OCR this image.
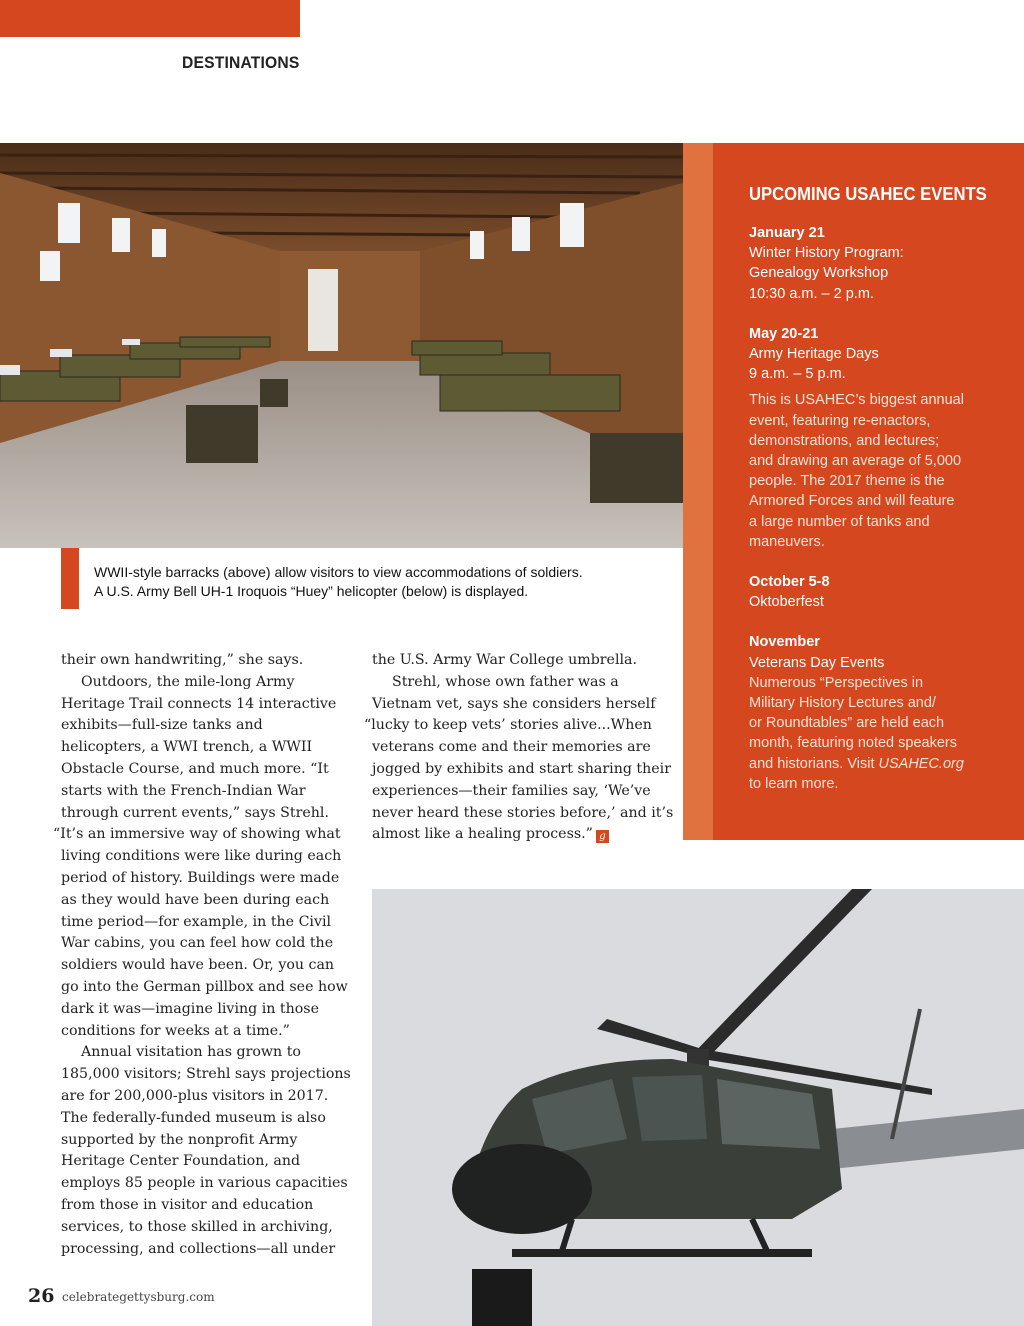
DESTINATIONS
UPCOMING USAHEC EVENTS
January 21
Winter History Program:
Genealogy Workshop
10:30 a.m. – 2 p.m.
May 20-21
Army Heritage Days
9 a.m. – 5 p.m.
This is USAHEC’s biggest annual
event, featuring re-enactors,
demonstrations, and lectures;
and drawing an average of 5,000
people. The 2017 theme is the
Armored Forces and will feature
a large number of tanks and
maneuvers.
October 5-8
Oktoberfest
November
Veterans Day Events
Numerous “Perspectives in
Military History Lectures and/
or Roundtables” are held each
month, featuring noted speakers
and historians. Visit USAHEC.org
to learn more.
WWII-style barracks (above) allow visitors to view accommodations of soldiers.
A U.S. Army Bell UH-1 Iroquois “Huey” helicopter (below) is displayed.
their own handwriting,” she says.
Outdoors, the mile-long Army
Heritage Trail connects 14 interactive
exhibits—full-size tanks and
helicopters, a WWI trench, a WWII
Obstacle Course, and much more. “It
starts with the French-Indian War
through current events,” says Strehl.
“It’s an immersive way of showing what
living conditions were like during each
period of history. Buildings were made
as they would have been during each
time period—for example, in the Civil
War cabins, you can feel how cold the
soldiers would have been. Or, you can
go into the German pillbox and see how
dark it was—imagine living in those
conditions for weeks at a time.”
Annual visitation has grown to
185,000 visitors; Strehl says projections
are for 200,000-plus visitors in 2017.
The federally-funded museum is also
supported by the nonprofit Army
Heritage Center Foundation, and
employs 85 people in various capacities
from those in visitor and education
services, to those skilled in archiving,
processing, and collections—all under
the U.S. Army War College umbrella.
Strehl, whose own father was a
Vietnam vet, says she considers herself
“lucky to keep vets’ stories alive...When
veterans come and their memories are
jogged by exhibits and start sharing their
experiences—their families say, ‘We’ve
never heard these stories before,’ and it’s
almost like a healing process.” g
26 celebrategettysburg.com
